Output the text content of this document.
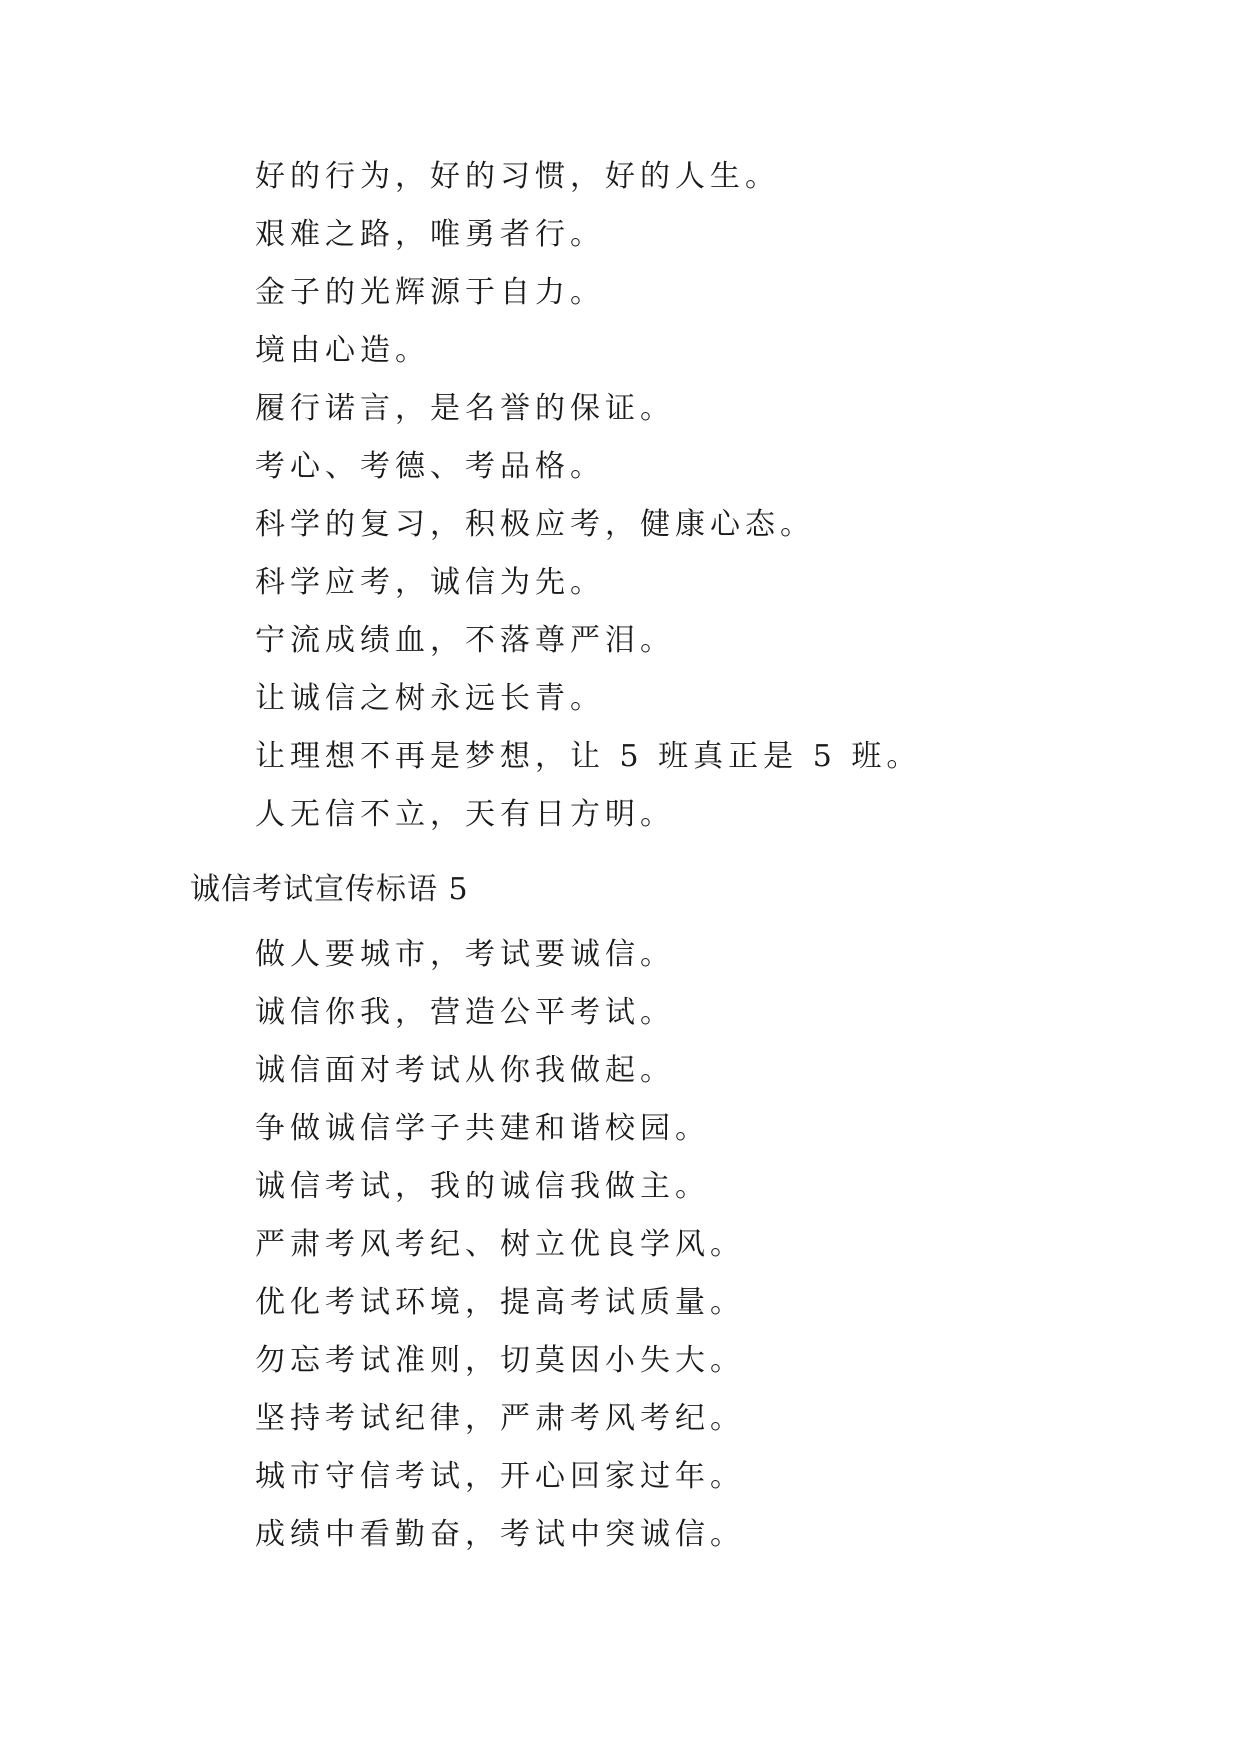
好的行为，好的习惯，好的人生。
艰难之路，唯勇者行。
金子的光辉源于自力。
境由心造。
履行诺言，是名誉的保证。
考心、考德、考品格。
科学的复习，积极应考，健康心态。
科学应考，诚信为先。
宁流成绩血，不落尊严泪。
让诚信之树永远长青。
让理想不再是梦想，让 5 班真正是 5 班。
人无信不立，天有日方明。
诚信考试宣传标语 5
做人要城市，考试要诚信。
诚信你我，营造公平考试。
诚信面对考试从你我做起。
争做诚信学子共建和谐校园。
诚信考试，我的诚信我做主。
严肃考风考纪、树立优良学风。
优化考试环境，提高考试质量。
勿忘考试准则，切莫因小失大。
坚持考试纪律，严肃考风考纪。
城市守信考试，开心回家过年。
成绩中看勤奋，考试中突诚信。
